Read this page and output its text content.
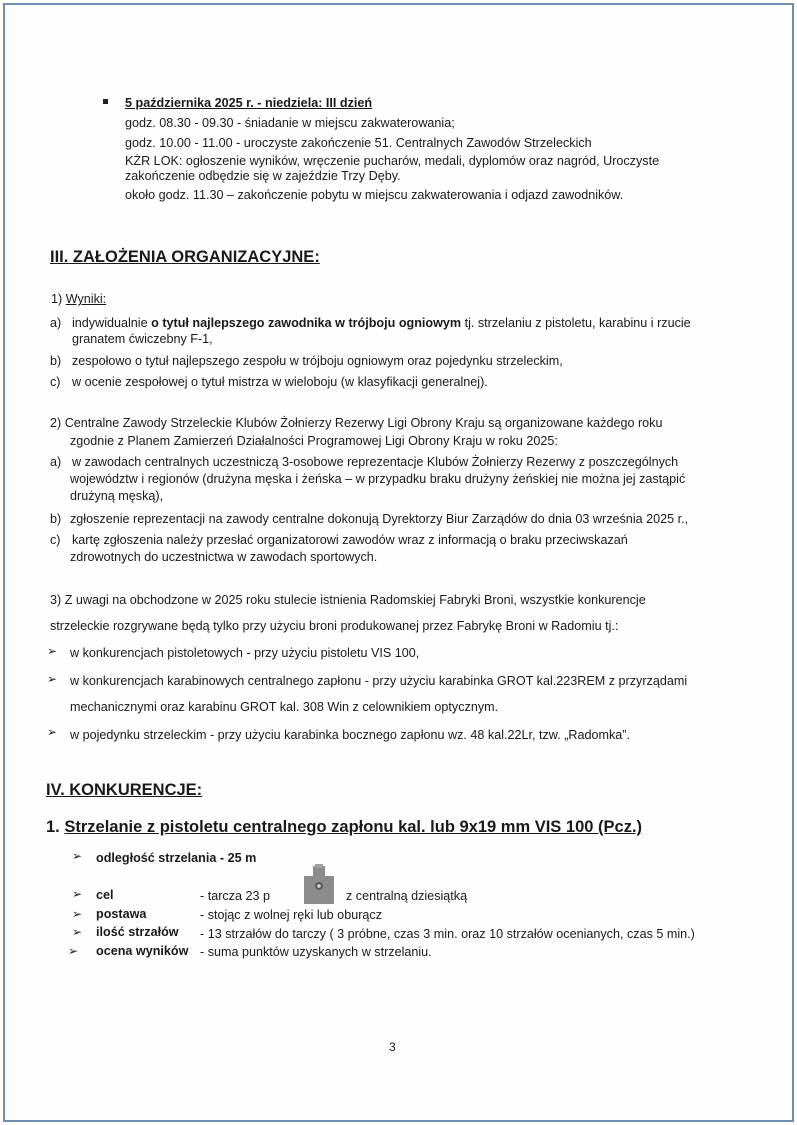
5 października 2025 r. - niedziela: III dzień
godz. 08.30 - 09.30 - śniadanie w miejscu zakwaterowania;
godz. 10.00 - 11.00 - uroczyste zakończenie 51. Centralnych Zawodów Strzeleckich
KŻR LOK: ogłoszenie wyników, wręczenie pucharów, medali, dyplomów oraz nagród, Uroczyste
zakończenie odbędzie się w zajeździe Trzy Dęby.
około godz. 11.30 – zakończenie pobytu w miejscu zakwaterowania i odjazd zawodników.
III. ZAŁOŻENIA ORGANIZACYJNE:
1) Wyniki:
a) indywidualnie o tytuł najlepszego zawodnika w trójboju ogniowym tj. strzelaniu z pistoletu, karabinu i rzucie
granatem ćwiczebny F-1,
b) zespołowo o tytuł najlepszego zespołu w trójboju ogniowym oraz pojedynku strzeleckim,
c) w ocenie zespołowej o tytuł mistrza w wieloboju (w klasyfikacji generalnej).
2) Centralne Zawody Strzeleckie Klubów Żołnierzy Rezerwy Ligi Obrony Kraju są organizowane każdego roku
zgodnie z Planem Zamierzeń Działalności Programowej Ligi Obrony Kraju w roku 2025:
a) w zawodach centralnych uczestniczą 3-osobowe reprezentacje Klubów Żołnierzy Rezerwy z poszczególnych
województw i regionów (drużyna męska i żeńska – w przypadku braku drużyny żeńskiej nie można jej zastąpić
drużyną męską),
b) zgłoszenie reprezentacji na zawody centralne dokonują Dyrektorzy Biur Zarządów do dnia 03 września 2025 r.,
c) kartę zgłoszenia należy przesłać organizatorowi zawodów wraz z informacją o braku przeciwskazań
zdrowotnych do uczestnictwa w zawodach sportowych.
3) Z uwagi na obchodzone w 2025 roku stulecie istnienia Radomskiej Fabryki Broni, wszystkie konkurencje
strzeleckie rozgrywane będą tylko przy użyciu broni produkowanej przez Fabrykę Broni w Radomiu tj.:
➢ w konkurencjach pistoletowych - przy użyciu pistoletu VIS 100,
➢ w konkurencjach karabinowych centralnego zapłonu - przy użyciu karabinka GROT kal.223REM z przyrządami
mechanicznymi oraz karabinu GROT kal. 308 Win z celownikiem optycznym.
➢ w pojedynku strzeleckim - przy użyciu karabinka bocznego zapłonu wz. 48 kal.22Lr, tzw. „Radomka”.
IV. KONKURENCJE:
1. Strzelanie z pistoletu centralnego zapłonu kal. lub 9x19 mm VIS 100 (Pcz.)
➢ odległość strzelania - 25 m
➢ cel	- tarcza 23 p	z centralną dziesiątką
➢ postawa	- stojąc z wolnej ręki lub oburącz
➢ ilość strzałów - 13 strzałów do tarczy ( 3 próbne, czas 3 min. oraz 10 strzałów ocenianych, czas 5 min.)
➢ ocena wyników - suma punktów uzyskanych w strzelaniu.
3
